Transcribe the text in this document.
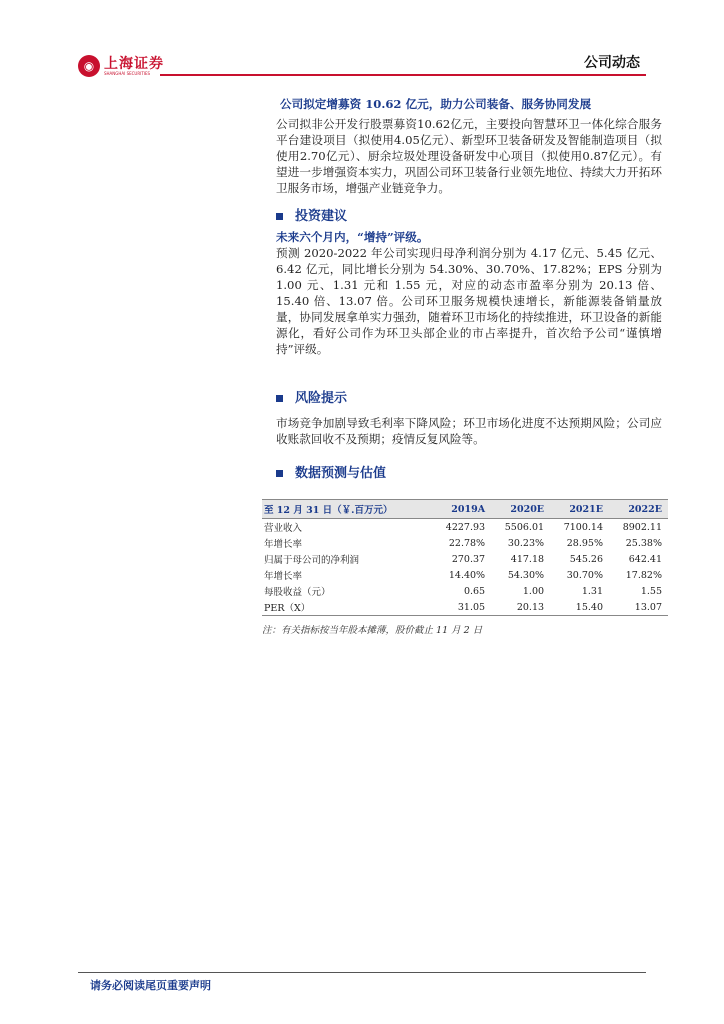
◉ 上海证券
SHANGHAI SECURITIES
公司动态
公司拟定增募资 10.62 亿元，助力公司装备、服务协同发展

公司拟非公开发行股票募资10.62亿元，主要投向智慧环卫一体化综合服务平台建设项目（拟使用4.05亿元）、新型环卫装备研发及智能制造项目（拟使用2.70亿元）、厨余垃圾处理设备研发中心项目（拟使用0.87亿元）。有望进一步增强资本实力，巩固公司环卫装备行业领先地位、持续大力开拓环卫服务市场，增强产业链竞争力。

投资建议
未来六个月内，“增持”评级。

预测 2020-2022 年公司实现归母净利润分别为 4.17 亿元、5.45 亿元、6.42 亿元，同比增长分别为 54.30%、30.70%、17.82%；EPS 分别为 1.00 元、1.31 元和 1.55 元，对应的动态市盈率分别为 20.13 倍、15.40 倍、13.07 倍。公司环卫服务规模快速增长，新能源装备销量放量，协同发展拿单实力强劲，随着环卫市场化的持续推进，环卫设备的新能源化，看好公司作为环卫头部企业的市占率提升，首次给予公司“谨慎增持”评级。

风险提示

市场竞争加剧导致毛利率下降风险；环卫市场化进度不达预期风险；公司应收账款回收不及预期；疫情反复风险等。

数据预测与估值
至 12 月 31 日（￥.百万元）	2019A	2020E	2021E	2022E
营业收入	4227.93	5506.01	7100.14	8902.11
年增长率	22.78%	30.23%	28.95%	25.38%
归属于母公司的净利润	270.37	417.18	545.26	642.41
年增长率	14.40%	54.30%	30.70%	17.82%
每股收益（元）	0.65	1.00	1.31	1.55
PER（X）	31.05	20.13	15.40	13.07
注：有关指标按当年股本摊薄，股价截止 11 月 2 日
请务必阅读尾页重要声明
